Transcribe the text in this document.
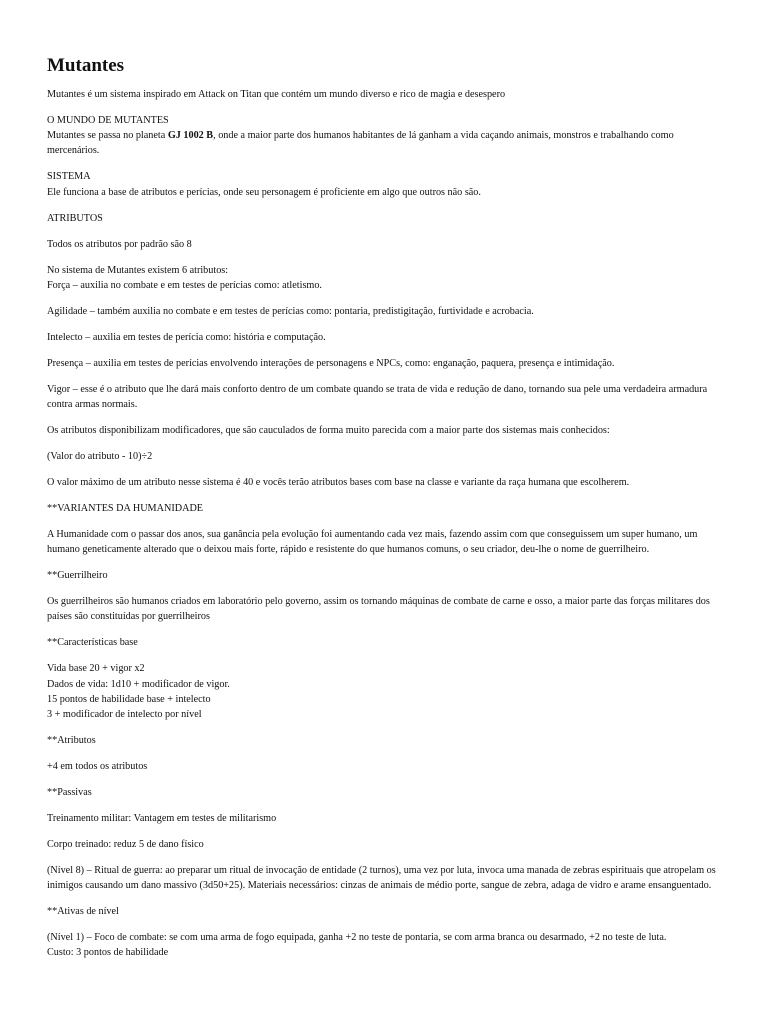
Mutantes

Mutantes é um sistema inspirado em Attack on Titan que contém um mundo diverso e rico de magia e desespero

O MUNDO DE MUTANTES
Mutantes se passa no planeta GJ 1002 B, onde a maior parte dos humanos habitantes de lá ganham a vida caçando animais, monstros e trabalhando como mercenários.

SISTEMA
Ele funciona a base de atributos e perícias, onde seu personagem é proficiente em algo que outros não são.

ATRIBUTOS

Todos os atributos por padrão são 8

No sistema de Mutantes existem 6 atributos:
Força – auxilia no combate e em testes de perícias como: atletismo.

Agilidade – também auxilia no combate e em testes de perícias como: pontaria, predistigitação, furtividade e acrobacia.

Intelecto – auxilia em testes de perícia como: história e computação.

Presença – auxilia em testes de perícias envolvendo interações de personagens e NPCs, como: enganação, paquera, presença e intimidação.

Vigor – esse é o atributo que lhe dará mais conforto dentro de um combate quando se trata de vida e redução de dano, tornando sua pele uma verdadeira armadura contra armas normais.

Os atributos disponibilizam modificadores, que são cauculados de forma muito parecida com a maior parte dos sistemas mais conhecidos:

(Valor do atributo - 10)÷2

O valor máximo de um atributo nesse sistema é 40 e vocês terão atributos bases com base na classe e variante da raça humana que escolherem.

**VARIANTES DA HUMANIDADE

A Humanidade com o passar dos anos, sua ganância pela evolução foi aumentando cada vez mais, fazendo assim com que conseguissem um super humano, um humano geneticamente alterado que o deixou mais forte, rápido e resistente do que humanos comuns, o seu criador, deu-lhe o nome de guerrilheiro.

**Guerrilheiro

Os guerrilheiros são humanos criados em laboratório pelo governo, assim os tornando máquinas de combate de carne e osso, a maior parte das forças militares dos países são constituídas por guerrilheiros

**Características base

Vida base 20 + vigor x2
Dados de vida: 1d10 + modificador de vigor.
15 pontos de habilidade base + intelecto
3 + modificador de intelecto por nível

**Atributos

+4 em todos os atributos

**Passivas

Treinamento militar: Vantagem em testes de militarismo

Corpo treinado: reduz 5 de dano físico

(Nível 8) – Ritual de guerra: ao preparar um ritual de invocação de entidade (2 turnos), uma vez por luta, invoca uma manada de zebras espirituais que atropelam os inimigos causando um dano massivo (3d50+25). Materiais necessários: cinzas de animais de médio porte, sangue de zebra, adaga de vidro e arame ensanguentado.

**Ativas de nível

(Nível 1) – Foco de combate: se com uma arma de fogo equipada, ganha +2 no teste de pontaria, se com arma branca ou desarmado, +2 no teste de luta.
Custo: 3 pontos de habilidade
